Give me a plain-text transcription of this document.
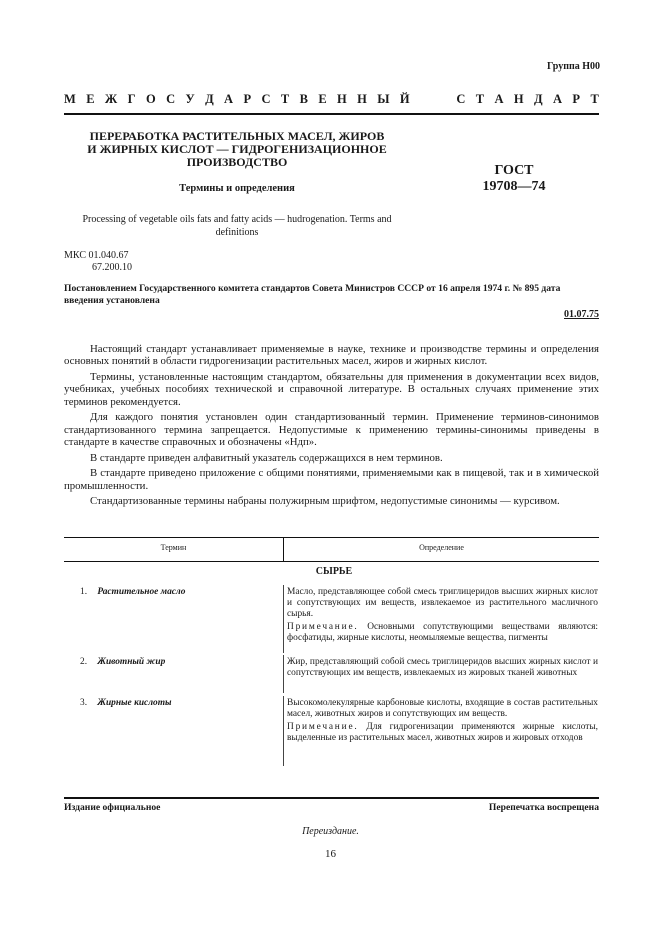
Группа Н00
М Е Ж Г О С У Д А Р С Т В Е Н Н Ы Й	С Т А Н Д А Р Т
ПЕРЕРАБОТКА РАСТИТЕЛЬНЫХ МАСЕЛ, ЖИРОВ
И ЖИРНЫХ КИСЛОТ — ГИДРОГЕНИЗАЦИОННОЕ
ПРОИЗВОДСТВО
ГОСТ
19708—74
Термины и определения
Processing of vegetable oils fats and fatty acids — hudrogenation. Terms and definitions
МКС 01.040.67
67.200.10
Постановлением Государственного комитета стандартов Совета Министров СССР от 16 апреля 1974 г. № 895 дата введения установлена
01.07.75

Настоящий стандарт устанавливает применяемые в науке, технике и производстве термины и определения основных понятий в области гидрогенизации растительных масел, жиров и жирных кислот.

Термины, установленные настоящим стандартом, обязательны для применения в документации всех видов, учебниках, учебных пособиях технической и справочной литературе. В остальных случаях применение этих терминов рекомендуется.

Для каждого понятия установлен один стандартизованный термин. Применение терминов-синонимов стандартизованного термина запрещается. Недопустимые к применению термины-синонимы приведены в стандарте в качестве справочных и обозначены «Ндп».

В стандарте приведен алфавитный указатель содержащихся в нем терминов.

В стандарте приведено приложение с общими понятиями, применяемыми как в пищевой, так и в химической промышленности.

Стандартизованные термины набраны полужирным шрифтом, недопустимые синонимы — курсивом.

Термин	Определение
СЫРЬЕ
1. Растительное масло	Масло, представляющее собой смесь триглицеридов высших жирных кислот и сопутствующих им веществ, извлекаемое из растительного масличного сырья.

Примечание. Основными сопутствующими веществами являются: фосфатиды, жирные кислоты, неомыляемые вещества, пигменты

2. Животный жир	Жир, представляющий собой смесь триглицеридов высших жирных кислот и сопутствующих им веществ, извлекаемых из жировых тканей животных

3. Жирные кислоты	Высокомолекулярные карбоновые кислоты, входящие в состав растительных масел, животных жиров и сопутствующих им веществ.

Примечание. Для гидрогенизации применяются жирные кислоты, выделенные из растительных масел, животных жиров и жировых отходов

Издание официальное	Перепечатка воспрещена
Переиздание.
16
